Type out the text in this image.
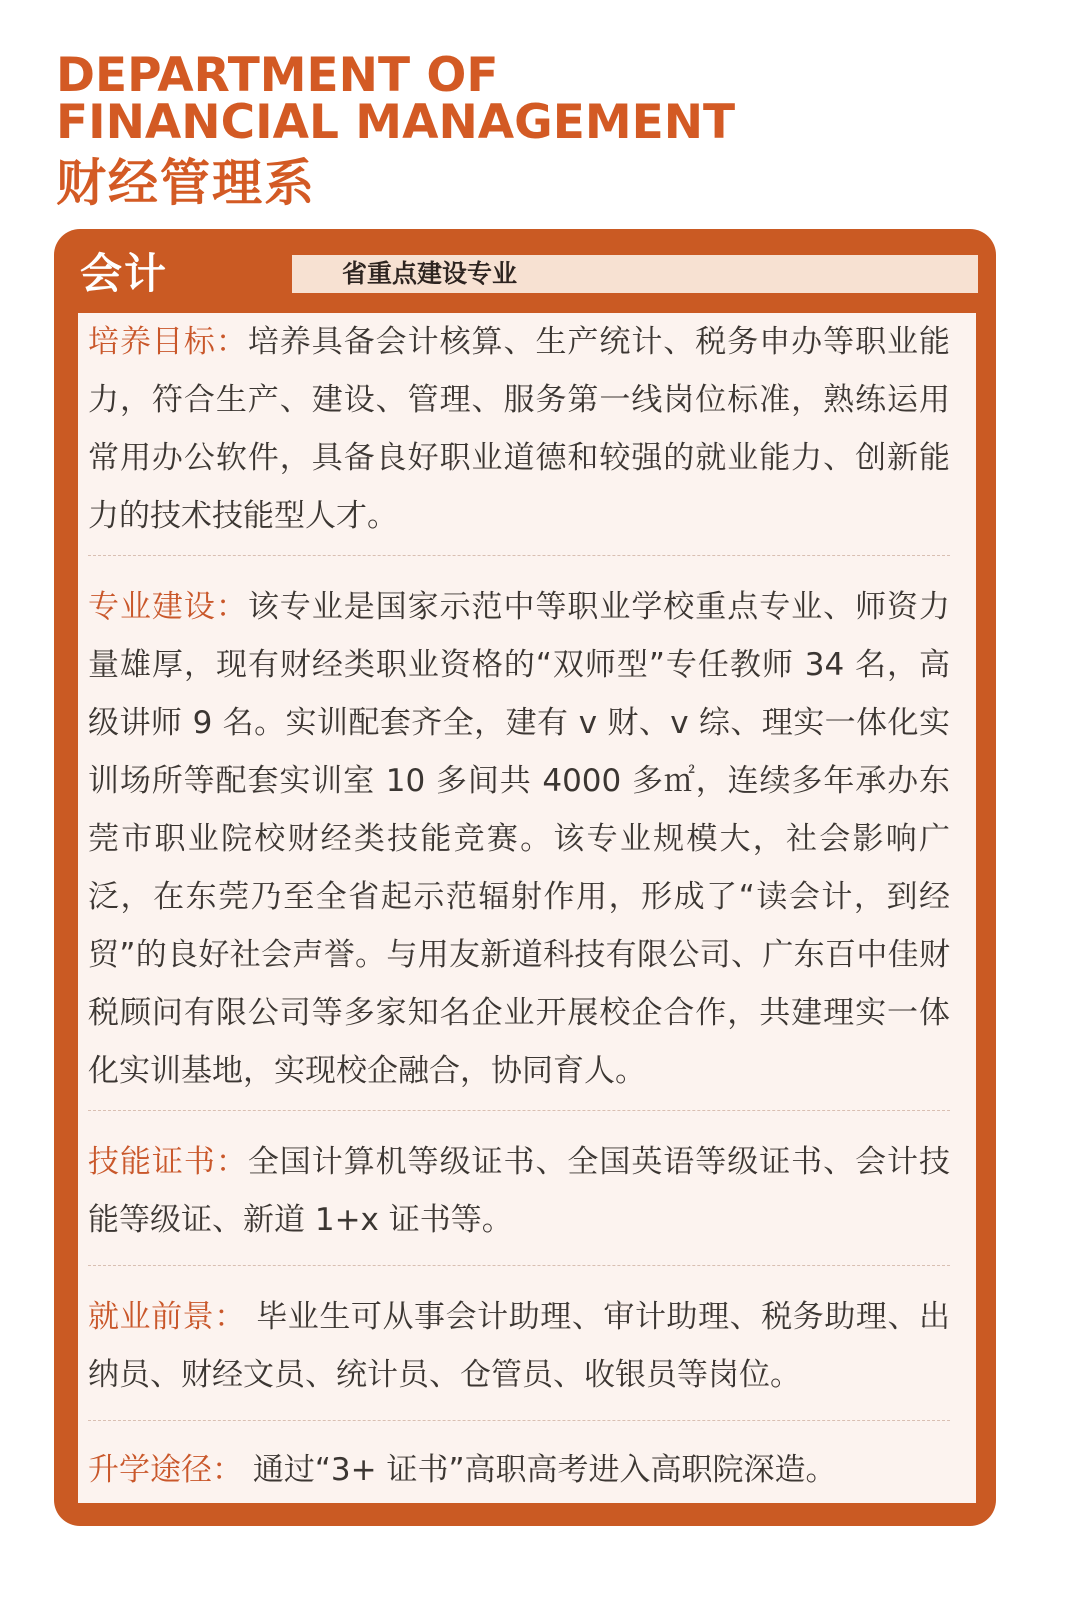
DEPARTMENT OF
FINANCIAL MANAGEMENT
财经管理系
会计	省重点建设专业
培养目标：培养具备会计核算、生产统计、税务申办等职业能力，符合生产、建设、管理、服务第一线岗位标准，熟练运用常用办公软件，具备良好职业道德和较强的就业能力、创新能力的技术技能型人才。
专业建设：该专业是国家示范中等职业学校重点专业、师资力量雄厚，现有财经类职业资格的“双师型”专任教师 34 名，高级讲师 9 名。实训配套齐全，建有 v 财、v 综、理实一体化实训场所等配套实训室 10 多间共 4000 多㎡，连续多年承办东莞市职业院校财经类技能竞赛。该专业规模大，社会影响广泛，在东莞乃至全省起示范辐射作用，形成了“读会计，到经贸”的良好社会声誉。与用友新道科技有限公司、广东百中佳财税顾问有限公司等多家知名企业开展校企合作，共建理实一体化实训基地，实现校企融合，协同育人。
技能证书：全国计算机等级证书、全国英语等级证书、会计技能等级证、新道 1+x 证书等。
就业前景： 毕业生可从事会计助理、审计助理、税务助理、出纳员、财经文员、统计员、仓管员、收银员等岗位。
升学途径： 通过“3+ 证书”高职高考进入高职院深造。
